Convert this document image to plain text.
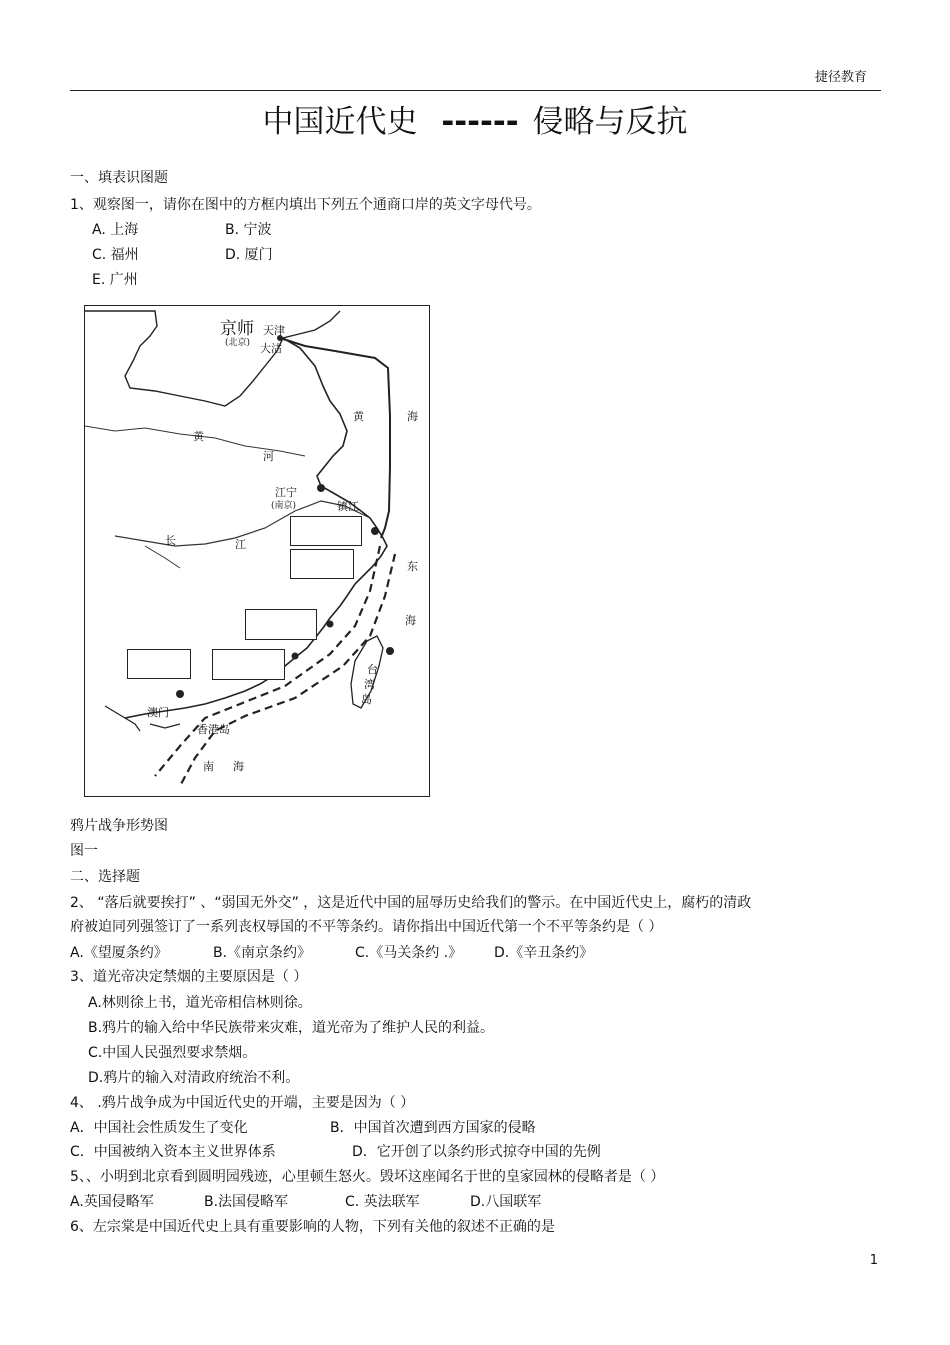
捷径教育
中国近代史 ------ 侵略与反抗
一、填表识图题
1、观察图一，请你在图中的方框内填出下列五个通商口岸的英文字母代号。
A. 上海	B. 宁波
C. 福州	D. 厦门
E. 广州
京师
(北京)
天津
大沽
黄	海
黄
河
江宁
(南京)	镇江
长	江
东
海
台
湾
岛
澳门
香港岛
南 海
鸦片战争形势图
图一
二、选择题
2、 “落后就要挨打” 、“弱国无外交” ，这是近代中国的屈辱历史给我们的警示。在中国近代史上，腐朽的清政
府被迫同列强签订了一系列丧权辱国的不平等条约。请你指出中国近代第一个不平等条约是（ ）
A.《望厦条约》	B.《南京条约》	C.《马关条约 .》 D.《辛丑条约》
3、道光帝决定禁烟的主要原因是（ ）
A.林则徐上书，道光帝相信林则徐。
B.鸦片的输入给中华民族带来灾难，道光帝为了维护人民的利益。
C.中国人民强烈要求禁烟。
D.鸦片的输入对清政府统治不利。
4、 .鸦片战争成为中国近代史的开端，主要是因为（ ）
A．中国社会性质发生了变化	B．中国首次遭到西方国家的侵略
C．中国被纳入资本主义世界体系	D．它开创了以条约形式掠夺中国的先例
5、、小明到北京看到圆明园残迹，心里顿生怒火。毁坏这座闻名于世的皇家园林的侵略者是（ ）
A.英国侵略军	B.法国侵略军	C. 英法联军	D.八国联军
6、左宗棠是中国近代史上具有重要影响的人物，下列有关他的叙述不正确的是
1
